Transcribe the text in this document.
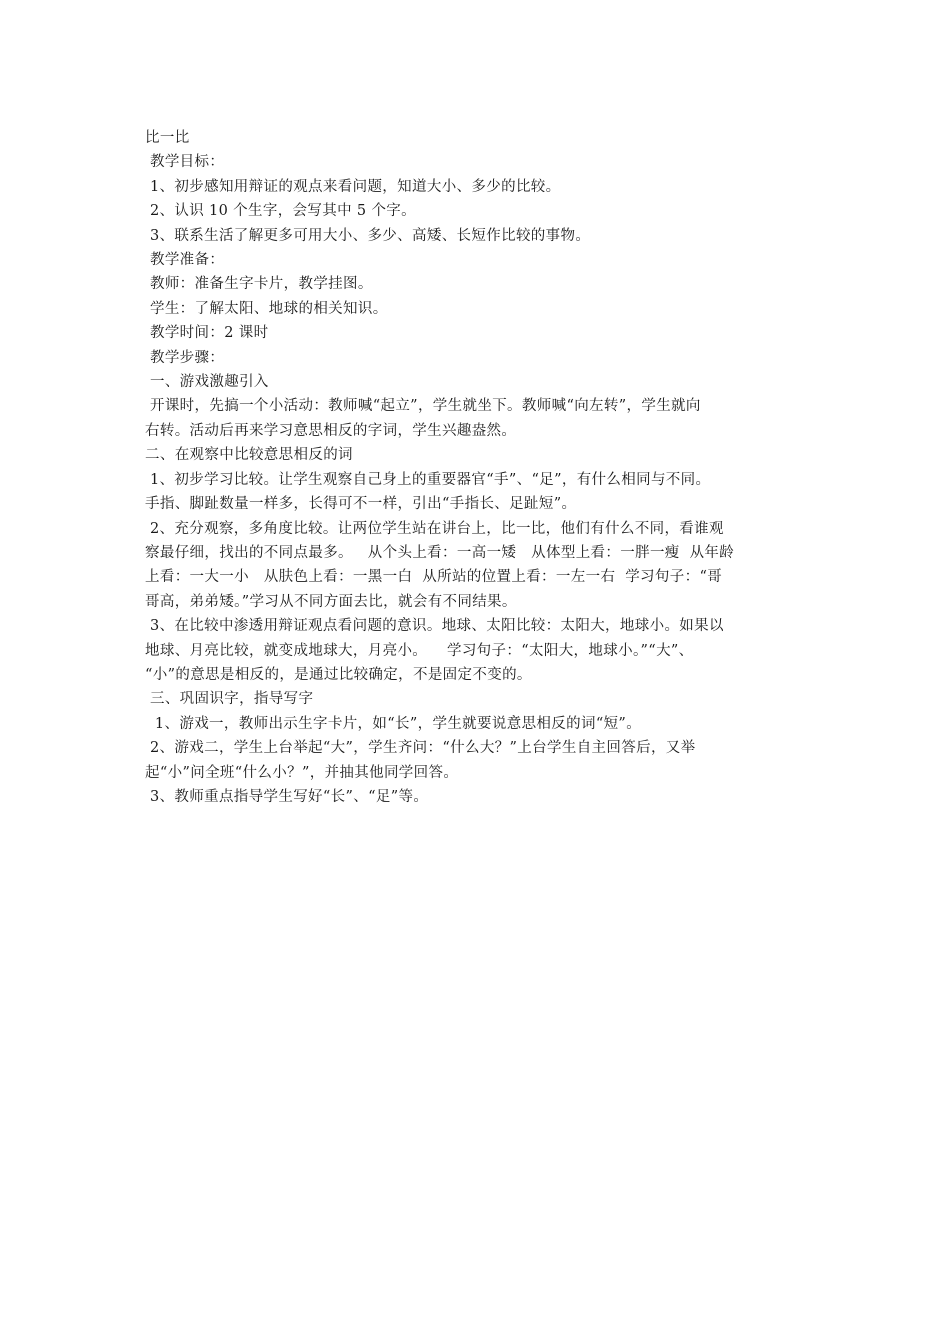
比一比

教学目标：

1、初步感知用辩证的观点来看问题，知道大小、多少的比较。

2、认识 10 个生字，会写其中 5 个字。

3、联系生活了解更多可用大小、多少、高矮、长短作比较的事物。

教学准备：

教师：准备生字卡片，教学挂图。

学生：了解太阳、地球的相关知识。

教学时间：2 课时

教学步骤：

一、游戏激趣引入

开课时，先搞一个小活动：教师喊“起立”，学生就坐下。教师喊“向左转”，学生就向

右转。活动后再来学习意思相反的字词，学生兴趣盎然。

二、在观察中比较意思相反的词

1、初步学习比较。让学生观察自己身上的重要器官“手”、“足”，有什么相同与不同。

手指、脚趾数量一样多，长得可不一样，引出“手指长、足趾短”。

2、充分观察，多角度比较。让两位学生站在讲台上，比一比，他们有什么不同，看谁观

察最仔细，找出的不同点最多。   从个头上看：一高一矮   从体型上看：一胖一瘦  从年龄

上看：一大一小   从肤色上看：一黑一白  从所站的位置上看：一左一右  学习句子：“哥

哥高，弟弟矮。”学习从不同方面去比，就会有不同结果。

3、在比较中渗透用辩证观点看问题的意识。地球、太阳比较：太阳大，地球小。如果以

地球、月亮比较，就变成地球大，月亮小。    学习句子：“太阳大，地球小。”“大”、

“小”的意思是相反的，是通过比较确定，不是固定不变的。

三、巩固识字，指导写字

1、游戏一，教师出示生字卡片，如“长”，学生就要说意思相反的词“短”。

2、游戏二，学生上台举起“大”，学生齐问：“什么大？”上台学生自主回答后，又举

起“小”问全班“什么小？”，并抽其他同学回答。

3、教师重点指导学生写好“长”、“足”等。
